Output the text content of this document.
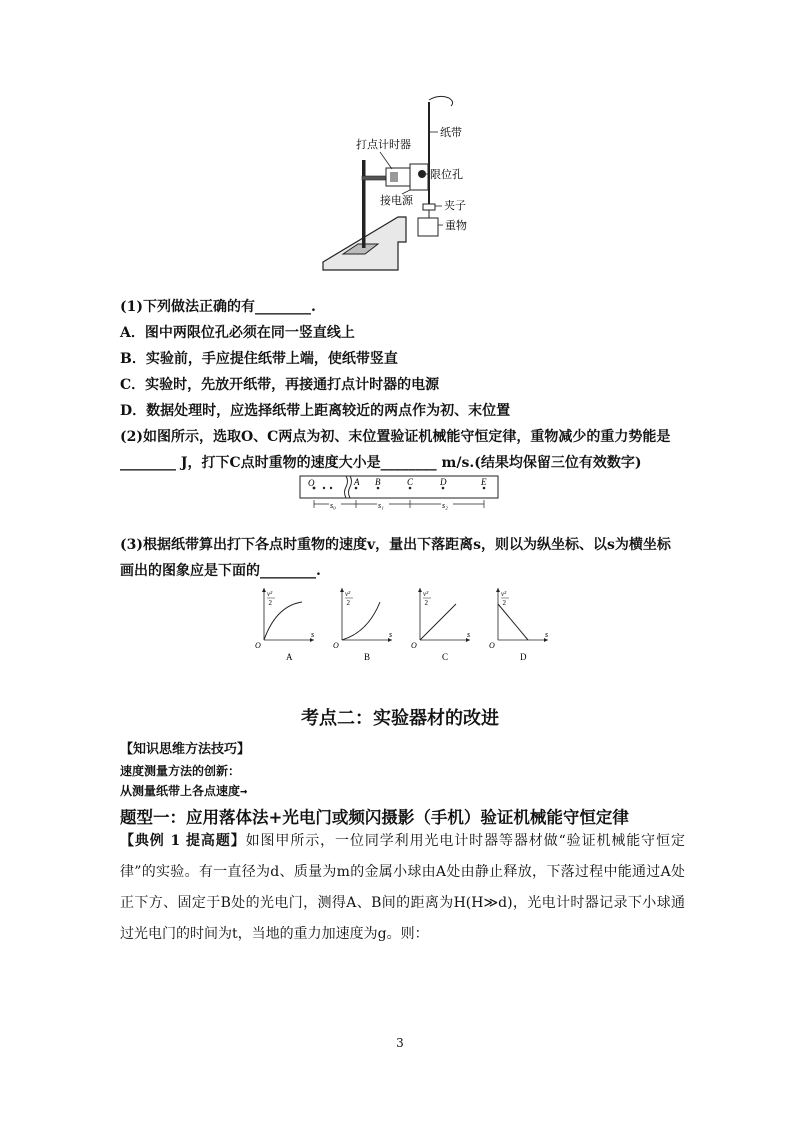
打点计时器
纸带
限位孔
接电源	夹子
重物
(1)下列做法正确的有________.
A．图中两限位孔必须在同一竖直线上
B．实验前，手应提住纸带上端，使纸带竖直
C．实验时，先放开纸带，再接通打点计时器的电源
D．数据处理时，应选择纸带上距离较近的两点作为初、末位置
(2)如图所示，选取O、C两点为初、末位置验证机械能守恒定律，重物减少的重力势能是
________ J，打下C点时重物的速度大小是________ m/s.(结果均保留三位有效数字)
O	A B	C	D	E
s₀	s₁	s₂
(3)根据纸带算出打下各点时重物的速度v，量出下落距离s，则以为纵坐标、以s为横坐标
画出的图象应是下面的________.
v²
2
O
s
A
v²
2
O
s
B
v²
2
O
s
C
v²
2
O
s
D
考点二：实验器材的改进
【知识思维方法技巧】
速度测量方法的创新：
从测量纸带上各点速度→
题型一：应用落体法+光电门或频闪摄影（手机）验证机械能守恒定律
【典例 1 提高题】如图甲所示，一位同学利用光电计时器等器材做“验证机械能守恒定律”的实验。有一直径为d、质量为m的金属小球由A处由静止释放，下落过程中能通过A处正下方、固定于B处的光电门，测得A、B间的距离为H(H≫d)，光电计时器记录下小球通过光电门的时间为t，当地的重力加速度为g。则：
3
